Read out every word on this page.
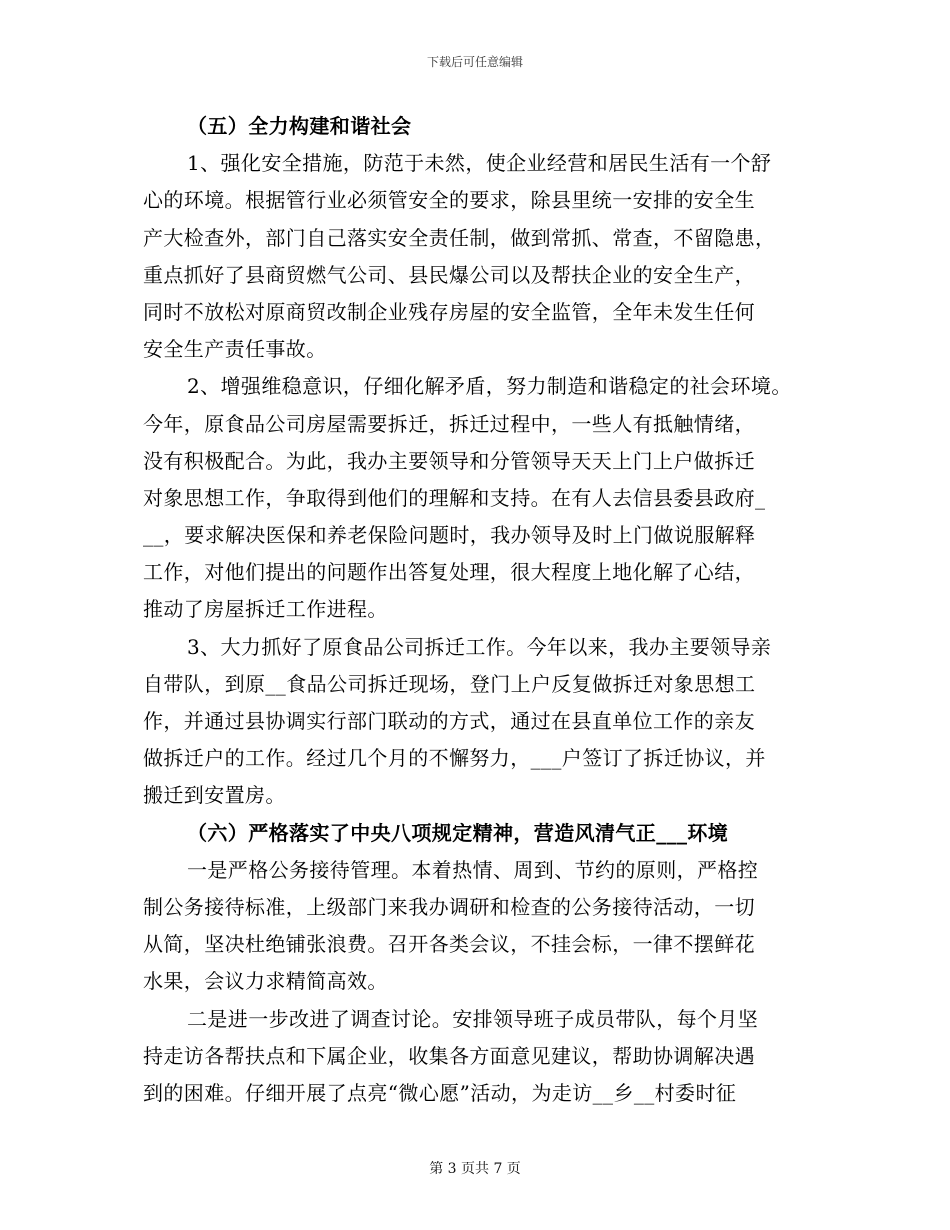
下载后可任意编辑
（五）全力构建和谐社会
1、强化安全措施，防范于未然，使企业经营和居民生活有一个舒
心的环境。根据管行业必须管安全的要求，除县里统一安排的安全生
产大检查外，部门自己落实安全责任制，做到常抓、常查，不留隐患，
重点抓好了县商贸燃气公司、县民爆公司以及帮扶企业的安全生产，
同时不放松对原商贸改制企业残存房屋的安全监管，全年未发生任何
安全生产责任事故。
2、增强维稳意识，仔细化解矛盾，努力制造和谐稳定的社会环境。
今年，原食品公司房屋需要拆迁，拆迁过程中，一些人有抵触情绪，
没有积极配合。为此，我办主要领导和分管领导天天上门上户做拆迁
对象思想工作，争取得到他们的理解和支持。在有人去信县委县政府_
__，要求解决医保和养老保险问题时，我办领导及时上门做说服解释
工作，对他们提出的问题作出答复处理，很大程度上地化解了心结，
推动了房屋拆迁工作进程。
3、大力抓好了原食品公司拆迁工作。今年以来，我办主要领导亲
自带队，到原__食品公司拆迁现场，登门上户反复做拆迁对象思想工
作，并通过县协调实行部门联动的方式，通过在县直单位工作的亲友
做拆迁户的工作。经过几个月的不懈努力，___户签订了拆迁协议，并
搬迁到安置房。
（六）严格落实了中央八项规定精神，营造风清气正___环境
一是严格公务接待管理。本着热情、周到、节约的原则，严格控
制公务接待标准，上级部门来我办调研和检查的公务接待活动，一切
从简，坚决杜绝铺张浪费。召开各类会议，不挂会标，一律不摆鲜花
水果，会议力求精简高效。
二是进一步改进了调查讨论。安排领导班子成员带队，每个月坚
持走访各帮扶点和下属企业，收集各方面意见建议，帮助协调解决遇
到的困难。仔细开展了点亮“微心愿”活动，为走访__乡__村委时征
第 3 页共 7 页
